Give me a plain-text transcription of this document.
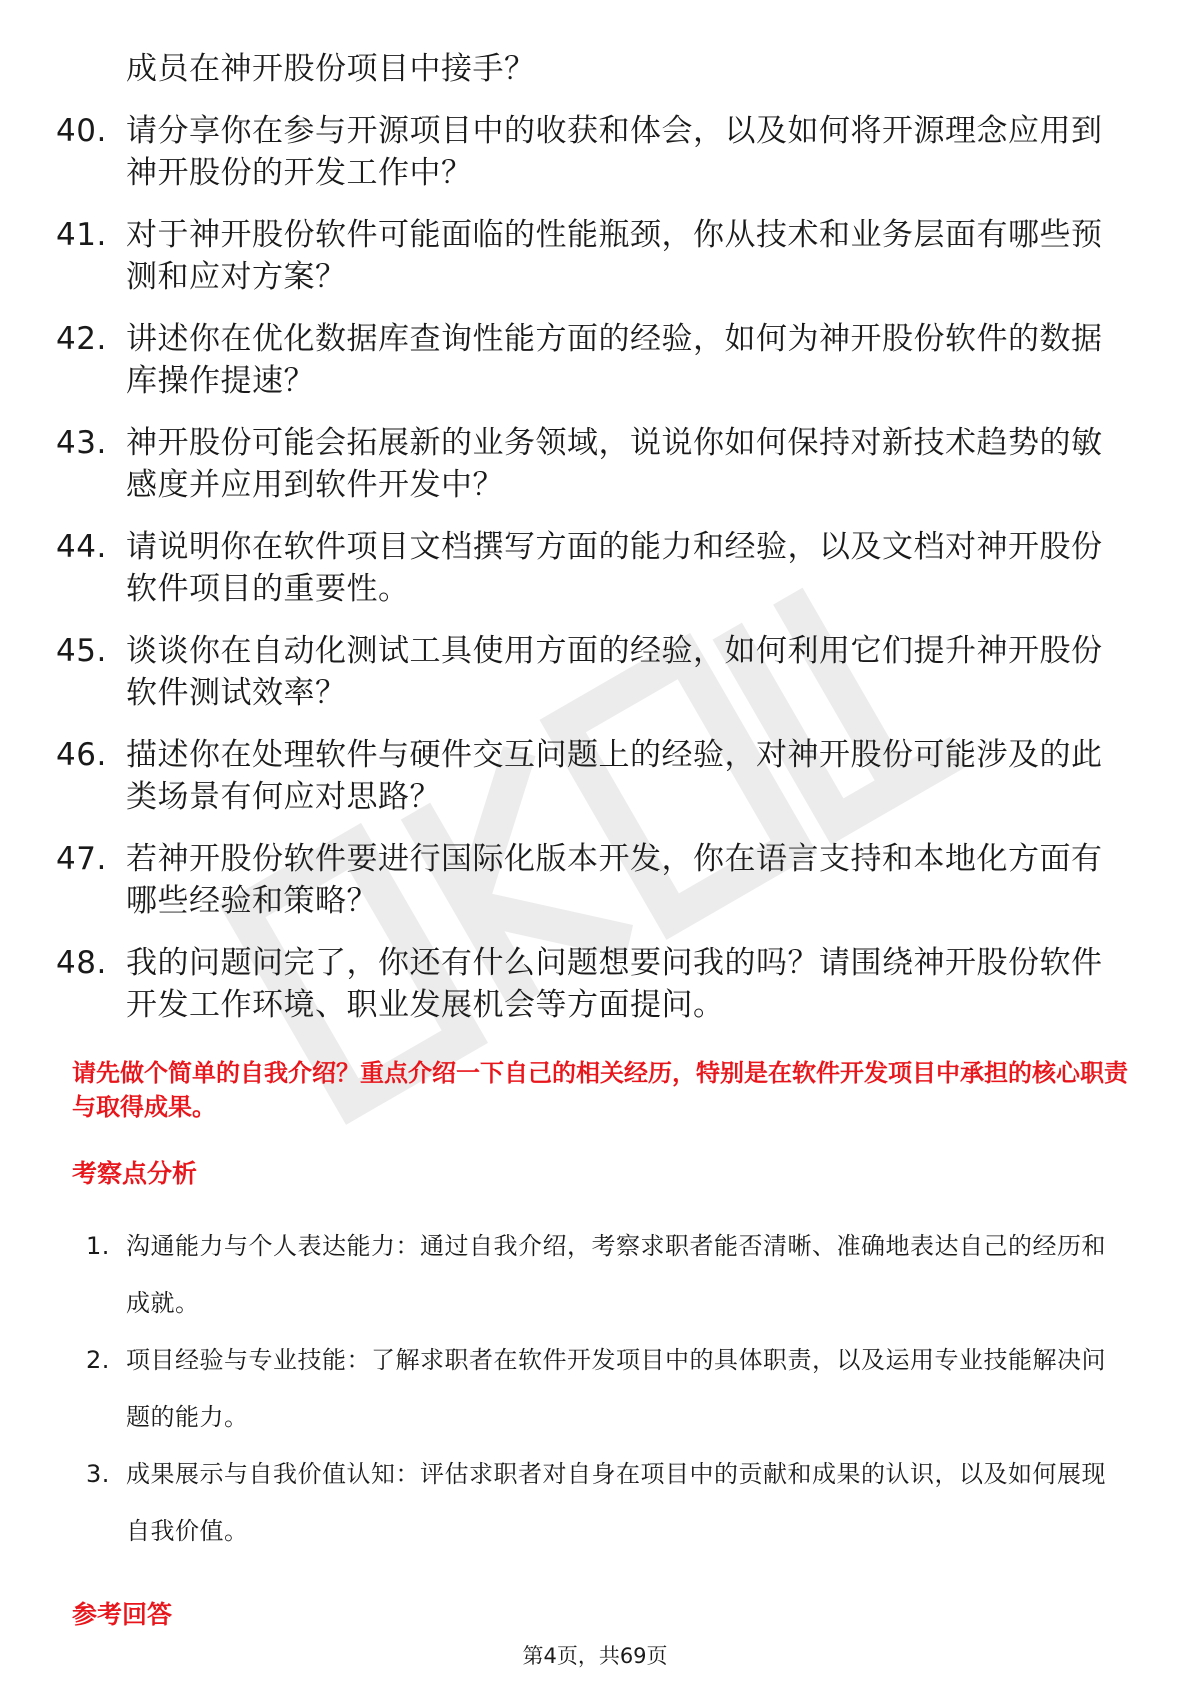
成员在神开股份项目中接手？
40. 请分享你在参与开源项目中的收获和体会，以及如何将开源理念应用到神开股份的开发工作中？
41. 对于神开股份软件可能面临的性能瓶颈，你从技术和业务层面有哪些预测和应对方案？
42. 讲述你在优化数据库查询性能方面的经验，如何为神开股份软件的数据库操作提速？
43. 神开股份可能会拓展新的业务领域，说说你如何保持对新技术趋势的敏感度并应用到软件开发中？
44. 请说明你在软件项目文档撰写方面的能力和经验，以及文档对神开股份软件项目的重要性。
45. 谈谈你在自动化测试工具使用方面的经验，如何利用它们提升神开股份软件测试效率？
46. 描述你在处理软件与硬件交互问题上的经验，对神开股份可能涉及的此类场景有何应对思路？
47. 若神开股份软件要进行国际化版本开发，你在语言支持和本地化方面有哪些经验和策略？
48. 我的问题问完了，你还有什么问题想要问我的吗？请围绕神开股份软件开发工作环境、职业发展机会等方面提问。
请先做个简单的自我介绍？重点介绍一下自己的相关经历，特别是在软件开发项目中承担的核心职责与取得成果。
考察点分析
1. 沟通能力与个人表达能力：通过自我介绍，考察求职者能否清晰、准确地表达自己的经历和成就。
2. 项目经验与专业技能：了解求职者在软件开发项目中的具体职责，以及运用专业技能解决问题的能力。
3. 成果展示与自我价值认知：评估求职者对自身在项目中的贡献和成果的认识，以及如何展现自我价值。
参考回答
第4页，共69页
